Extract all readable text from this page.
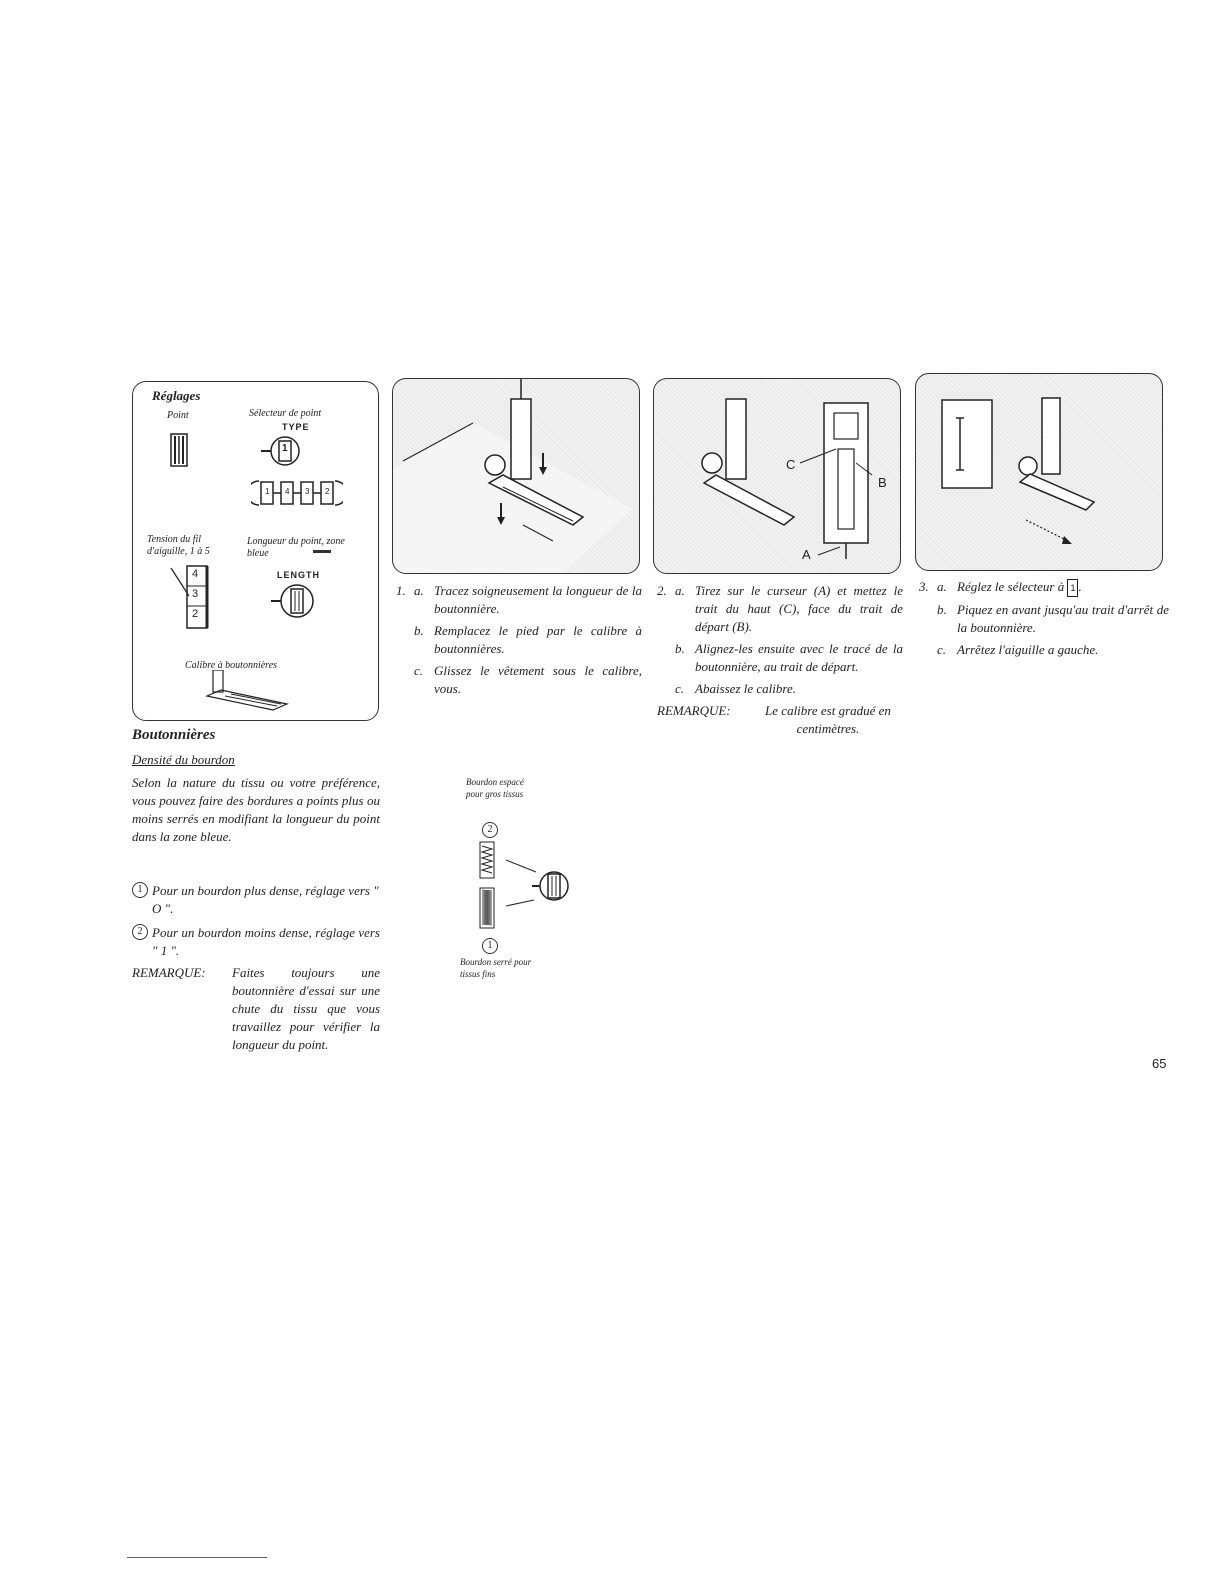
Réglages
Point	Sélecteur de point
TYPE
1
1 4 3 2
Tension du fil d'aiguille, 1 à 5
4
3
2
Longueur du point, zone bleue
LENGTH
Calibre à boutonnières
C
B
A
1. a. Tracez soigneusement la longueur de la boutonnière.
b. Remplacez le pied par le calibre à boutonnières.
c. Glissez le vêtement sous le calibre, vous.
2. a. Tirez sur le curseur (A) et mettez le trait du haut (C), face du trait de départ (B).
b. Alignez-les ensuite avec le tracé de la boutonnière, au trait de départ.
c. Abaissez le calibre.
REMARQUE:	Le calibre est gradué en centimètres.
3. a. Réglez le sélecteur à 1 .
b. Piquez en avant jusqu'au trait d'arrêt de la boutonnière.
c. Arrêtez l'aiguille a gauche.
Boutonnières
Densité du bourdon
Selon la nature du tissu ou votre préférence, vous pouvez faire des bordures a points plus ou moins serrés en modifiant la longueur du point dans la zone bleue.
1 Pour un bourdon plus dense, réglage vers " O ".
2 Pour un bourdon moins dense, réglage vers " 1 ".
REMARQUE:	Faites toujours une boutonnière d'essai sur une chute du tissu que vous travaillez pour vérifier la longueur du point.
Bourdon espacé pour gros tissus
2
1
Bourdon serré pour tissus fins
65
